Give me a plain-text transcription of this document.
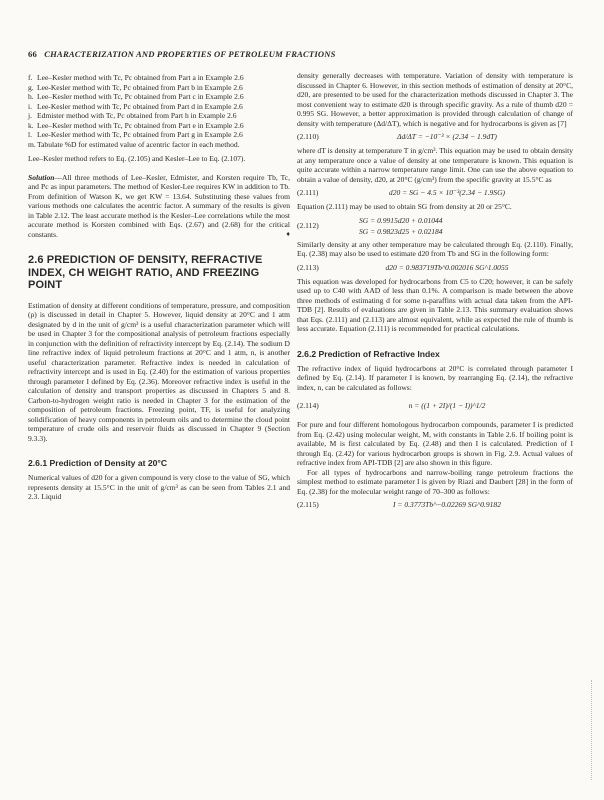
66 CHARACTERIZATION AND PROPERTIES OF PETROLEUM FRACTIONS
f. Lee–Kesler method with Tc, Pc obtained from Part a in Example 2.6
g. Lee-Kesler method with Tc, Pc obtained from Part b in Example 2.6
h. Lee–Kesler method with Tc, Pc obtained from Part c in Example 2.6
i. Lee-Kesler method with Tc, Pc obtained from Part d in Example 2.6
j. Edmister method with Tc, Pc obtained from Part h in Example 2.6
k. Lee–Kesler method with Tc, Pc obtained from Part e in Example 2.6
l. Lee-Kesler method with Tc, Pc obtained from Part g in Example 2.6
m. Tabulate %D for estimated value of acentric factor in each method.

Lee–Kesler method refers to Eq. (2.105) and Kesler–Lee to Eq. (2.107).

Solution—All three methods of Lee–Kesler, Edmister, and Korsten require Tb, Tc, and Pc as input parameters. The method of Kesler-Lee requires KW in addition to Tb. From definition of Watson K, we get KW = 13.64. Substituting these values from various methods one calculates the acentric factor. A summary of the results is given in Table 2.12. The least accurate method is the Kesler–Lee correlations while the most accurate method is Korsten combined with Eqs. (2.67) and (2.68) for the critical constants.	♦

2.6 PREDICTION OF DENSITY, REFRACTIVE INDEX, CH WEIGHT RATIO, AND FREEZING POINT

Estimation of density at different conditions of temperature, pressure, and composition (ρ) is discussed in detail in Chapter 5. However, liquid density at 20°C and 1 atm designated by d in the unit of g/cm³ is a useful characterization parameter which will be used in Chapter 3 for the compositional analysis of petroleum fractions especially in conjunction with the definition of refractivity intercept by Eq. (2.14). The sodium D line refractive index of liquid petroleum fractions at 20°C and 1 atm, n, is another useful characterization parameter. Refractive index is needed in calculation of refractivity intercept and is used in Eq. (2.40) for the estimation of various properties through parameter I defined by Eq. (2.36). Moreover refractive index is useful in the calculation of density and transport properties as discussed in Chapters 5 and 8. Carbon-to-hydrogen weight ratio is needed in Chapter 3 for the estimation of the composition of petroleum fractions. Freezing point, TF, is useful for analyzing solidification of heavy components in petroleum oils and to determine the cloud point temperature of crude oils and reservoir fluids as discussed in Chapter 9 (Section 9.3.3).

2.6.1 Prediction of Density at 20°C

Numerical values of d20 for a given compound is very close to the value of SG, which represents density at 15.5°C in the unit of g/cm³ as can be seen from Tables 2.1 and 2.3. Liquid

density generally decreases with temperature. Variation of density with temperature is discussed in Chapter 6. However, in this section methods of estimation of density at 20°C, d20, are presented to be used for the characterization methods discussed in Chapter 3. The most convenient way to estimate d20 is through specific gravity. As a rule of thumb d20 = 0.995 SG. However, a better approximation is provided through calculation of change of density with temperature (Δd/ΔT), which is negative and for hydrocarbons is given as [7]

(2.110)	Δd/ΔT = −10⁻³ × (2.34 − 1.9dT)

where dT is density at temperature T in g/cm³. This equation may be used to obtain density at any temperature once a value of density at one temperature is known. This equation is quite accurate within a narrow temperature range limit. One can use the above equation to obtain a value of density, d20, at 20°C (g/cm³) from the specific gravity at 15.5°C as

(2.111)	d20 = SG − 4.5 × 10⁻³(2.34 − 1.9SG)

Equation (2.111) may be used to obtain SG from density at 20 or 25°C.

(2.112)
SG = 0.9915d20 + 0.01044
SG = 0.9823d25 + 0.02184

Similarly density at any other temperature may be calculated through Eq. (2.110). Finally, Eq. (2.38) may also be used to estimate d20 from Tb and SG in the following form:

(2.113)	d20 = 0.983719Tb^0.002016 SG^1.0055

This equation was developed for hydrocarbons from C5 to C20; however, it can be safely used up to C40 with AAD of less than 0.1%. A comparison is made between the above three methods of estimating d for some n-paraffins with actual data taken from the API-TDB [2]. Results of evaluations are given in Table 2.13. This summary evaluation shows that Eqs. (2.111) and (2.113) are almost equivalent, while as expected the rule of thumb is less accurate. Equation (2.111) is recommended for practical calculations.

2.6.2 Prediction of Refractive Index

The refractive index of liquid hydrocarbons at 20°C is correlated through parameter I defined by Eq. (2.14). If parameter I is known, by rearranging Eq. (2.14), the refractive index, n, can be calculated as follows:

(2.114)	n = ((1 + 2I)/(1 − I))^1/2

For pure and four different homologous hydrocarbon compounds, parameter I is predicted from Eq. (2.42) using molecular weight, M, with constants in Table 2.6. If boiling point is available, M is first calculated by Eq. (2.48) and then I is calculated. Prediction of I through Eq. (2.42) for various hydrocarbon groups is shown in Fig. 2.9. Actual values of refractive index from API-TDB [2] are also shown in this figure.

For all types of hydrocarbons and narrow-boiling range petroleum fractions the simplest method to estimate parameter I is given by Riazi and Daubert [28] in the form of Eq. (2.38) for the molecular weight range of 70–300 as follows:

(2.115)	I = 0.3773Tb^−0.02269 SG^0.9182
